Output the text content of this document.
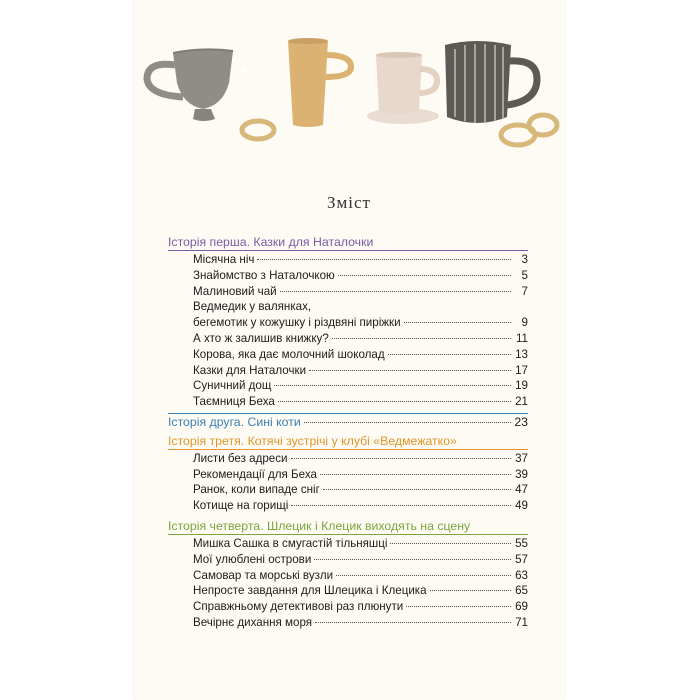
Зміст
Історія перша. Казки для Наталочки
Місячна ніч	3
Знайомство з Наталочкою	5
Малиновий чай	7
Ведмедик у валянках,
бегемотик у кожушку і різдвяні пиріжки	9
А хто ж залишив книжку?	11
Корова, яка дає молочний шоколад	13
Казки для Наталочки	17
Суничний дощ	19
Таємниця Беха	21
Історія друга. Сині коти	23
Історія третя. Котячі зустрічі у клубі «Ведмежатко»
Листи без адреси	37
Рекомендації для Беха	39
Ранок, коли випаде сніг	47
Котище на горищі	49
Історія четверта. Шлецик і Клецик виходять на сцену
Мишка Сашка в смугастій тільняшці	55
Мої улюблені острови	57
Самовар та морські вузли	63
Непросте завдання для Шлецика і Клецика	65
Справжньому детективові раз плюнути	69
Вечірнє дихання моря	71
